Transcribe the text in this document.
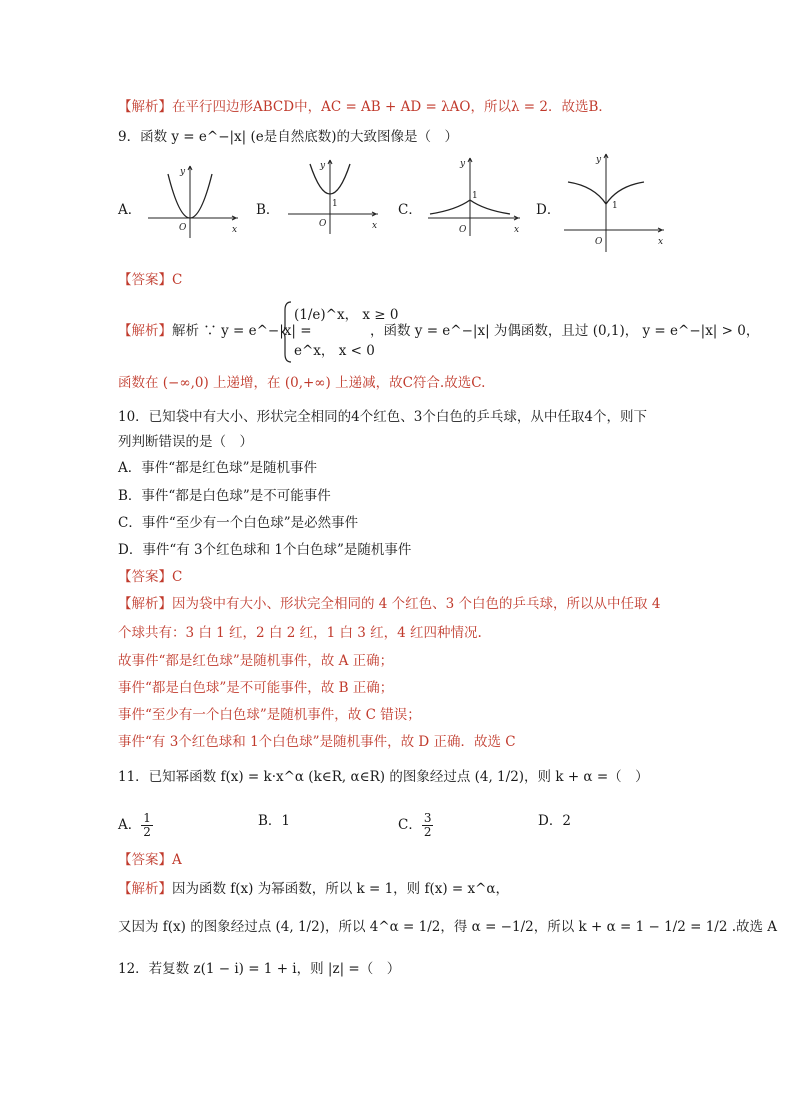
【解析】在平行四边形ABCD中，AC = AB + AD = λAO，所以λ = 2．故选B．
9．函数 y = e^−|x| (e是自然底数)的大致图像是（　）
A．	B．	C．	D．
x
y
O	x
y
O
1
x
y
O
1
x
y
O
1
【答案】C
【解析】解析 ∵ y = e^−|x| =
(1/e)^x， x ≥ 0
e^x， x < 0
，函数 y = e^−|x| 为偶函数，且过 (0,1)， y = e^−|x| > 0，
函数在 (−∞,0) 上递增，在 (0,+∞) 上递减，故C符合.故选C.
10．已知袋中有大小、形状完全相同的4个红色、3个白色的乒乓球，从中任取4个，则下
列判断错误的是（　）
A．事件“都是红色球”是随机事件
B．事件“都是白色球”是不可能事件
C．事件“至少有一个白色球”是必然事件
D．事件“有 3个红色球和 1个白色球”是随机事件
【答案】C
【解析】因为袋中有大小、形状完全相同的 4 个红色、3 个白色的乒乓球，所以从中任取 4
个球共有：3 白 1 红，2 白 2 红，1 白 3 红，4 红四种情况.
故事件“都是红色球”是随机事件，故 A 正确；
事件“都是白色球”是不可能事件，故 B 正确；
事件“至少有一个白色球”是随机事件，故 C 错误；
事件“有 3个红色球和 1个白色球”是随机事件，故 D 正确．故选 C
11．已知幂函数 f(x) = k·x^α (k∈R, α∈R) 的图象经过点 (4, 1/2)，则 k + α =（　）
A． $\frac{1}{2}$	B．1	C． $\frac{3}{2}$	D．2
【答案】A
【解析】因为函数 f(x) 为幂函数，所以 k = 1，则 f(x) = x^α，
又因为 f(x) 的图象经过点 (4, 1/2)，所以 4^α = 1/2，得 α = −1/2，所以 k + α = 1 − 1/2 = 1/2 .故选 A
12．若复数 z(1 − i) = 1 + i，则 |z| =（　）
